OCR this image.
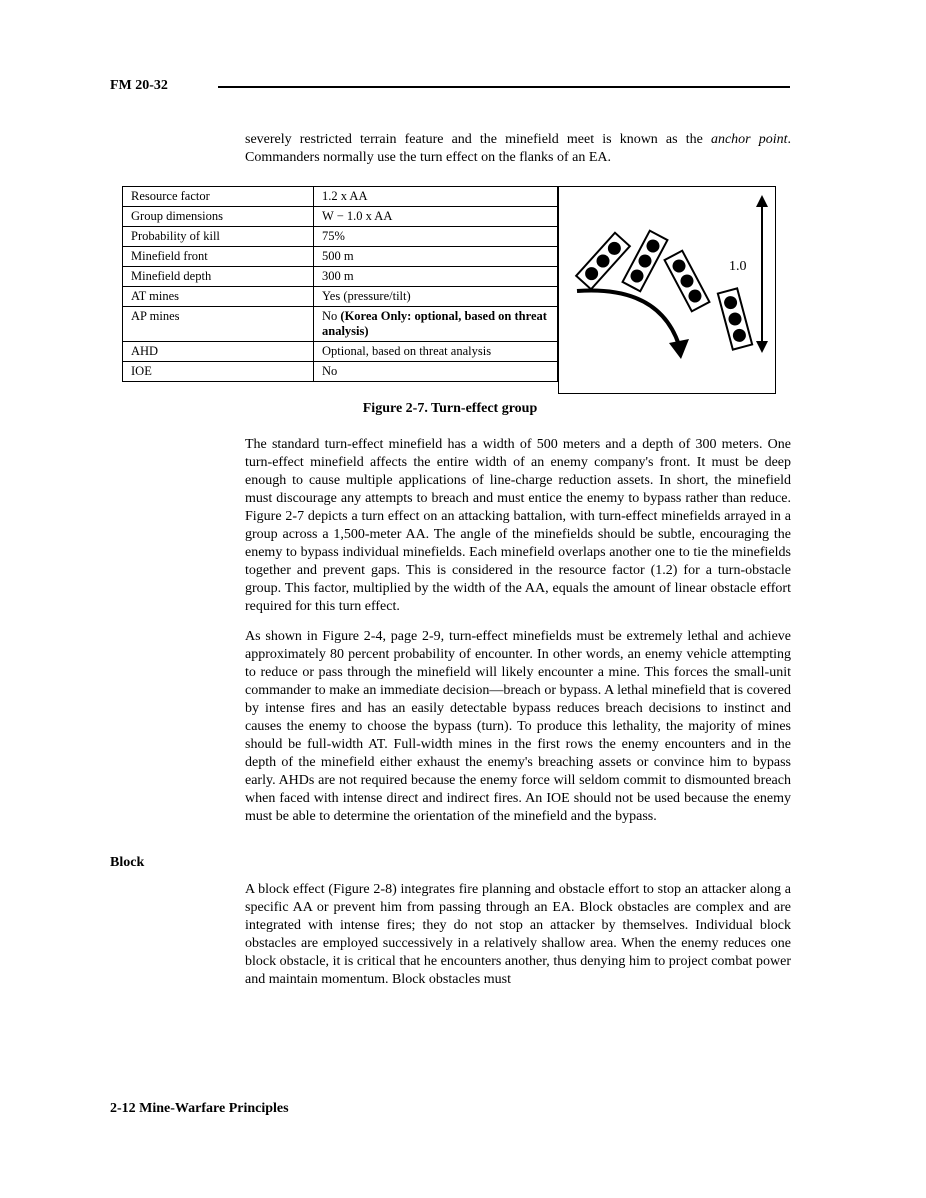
FM 20-32

severely restricted terrain feature and the minefield meet is known as the anchor point. Commanders normally use the turn effect on the flanks of an EA.

Resource factor	1.2 x AA
Group dimensions	W − 1.0 x AA
Probability of kill	75%
Minefield front	500 m
Minefield depth	300 m
AT mines	Yes (pressure/tilt)
AP mines	No (Korea Only: optional, based on threat analysis)
AHD	Optional, based on threat analysis
IOE	No
1.0
Figure 2-7. Turn-effect group

The standard turn-effect minefield has a width of 500 meters and a depth of 300 meters. One turn-effect minefield affects the entire width of an enemy company's front. It must be deep enough to cause multiple applications of line-charge reduction assets. In short, the minefield must discourage any attempts to breach and must entice the enemy to bypass rather than reduce. Figure 2-7 depicts a turn effect on an attacking battalion, with turn-effect minefields arrayed in a group across a 1,500-meter AA. The angle of the minefields should be subtle, encouraging the enemy to bypass individual minefields. Each minefield overlaps another one to tie the minefields together and prevent gaps. This is considered in the resource factor (1.2) for a turn-obstacle group. This factor, multiplied by the width of the AA, equals the amount of linear obstacle effort required for this turn effect.

As shown in Figure 2-4, page 2-9, turn-effect minefields must be extremely lethal and achieve approximately 80 percent probability of encounter. In other words, an enemy vehicle attempting to reduce or pass through the minefield will likely encounter a mine. This forces the small-unit commander to make an immediate decision—breach or bypass. A lethal minefield that is covered by intense fires and has an easily detectable bypass reduces breach decisions to instinct and causes the enemy to choose the bypass (turn). To produce this lethality, the majority of mines should be full-width AT. Full-width mines in the first rows the enemy encounters and in the depth of the minefield either exhaust the enemy's breaching assets or convince him to bypass early. AHDs are not required because the enemy force will seldom commit to dismounted breach when faced with intense direct and indirect fires. An IOE should not be used because the enemy must be able to determine the orientation of the minefield and the bypass.

Block

A block effect (Figure 2-8) integrates fire planning and obstacle effort to stop an attacker along a specific AA or prevent him from passing through an EA. Block obstacles are complex and are integrated with intense fires; they do not stop an attacker by themselves. Individual block obstacles are employed successively in a relatively shallow area. When the enemy reduces one block obstacle, it is critical that he encounters another, thus denying him to project combat power and maintain momentum. Block obstacles must

2-12 Mine-Warfare Principles
